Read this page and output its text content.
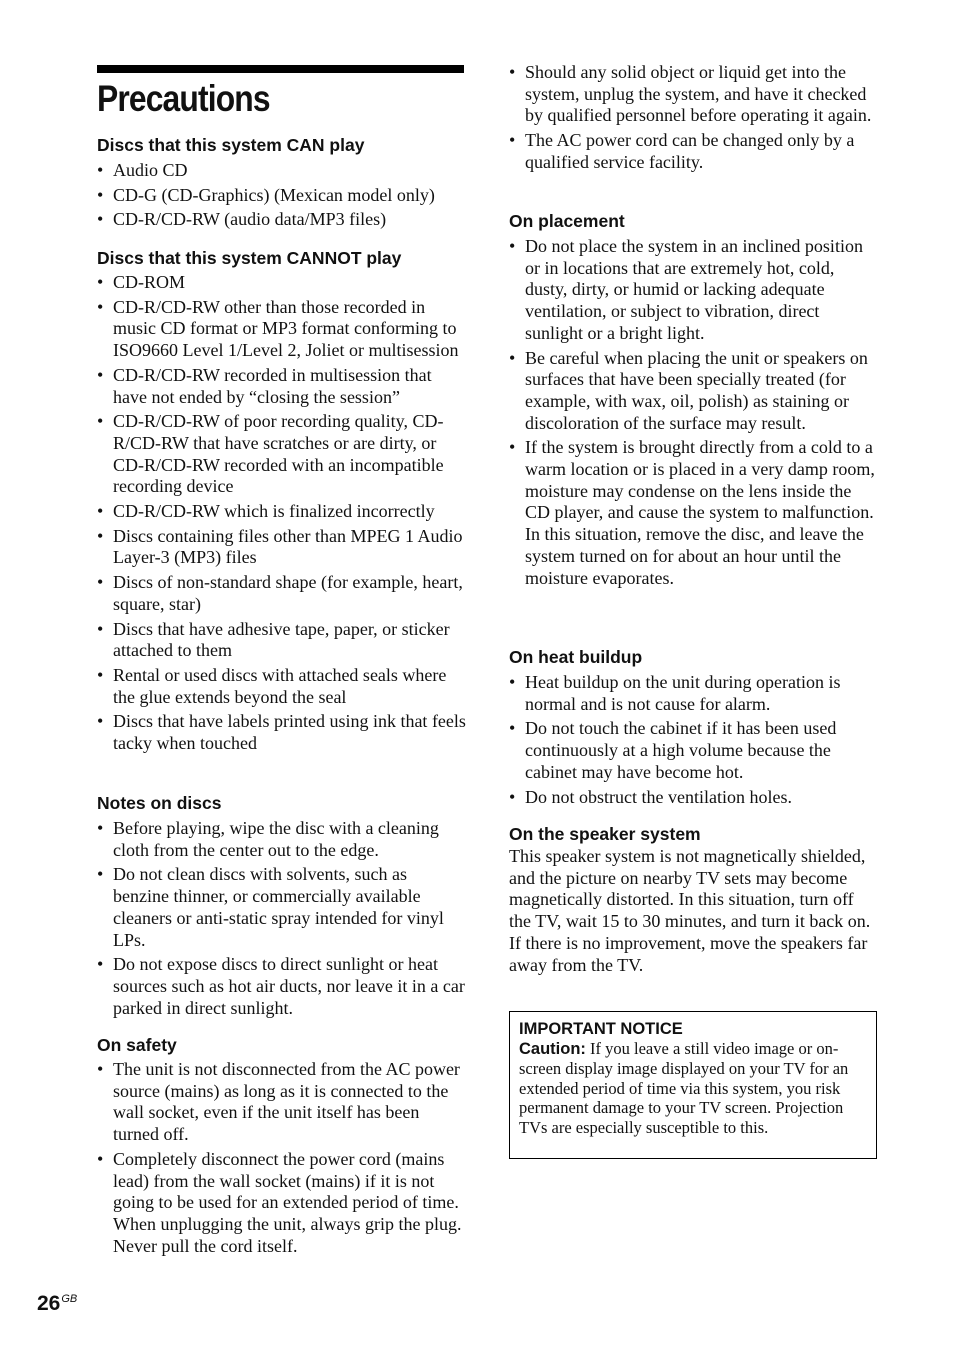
Precautions
Discs that this system CAN play
• Audio CD
• CD-G (CD-Graphics) (Mexican model only)
• CD-R/CD-RW (audio data/MP3 files)
Discs that this system CANNOT play
• CD-ROM
• CD-R/CD-RW other than those recorded in music CD format or MP3 format conforming to ISO9660 Level 1/Level 2, Joliet or multisession
• CD-R/CD-RW recorded in multisession that have not ended by “closing the session”
• CD-R/CD-RW of poor recording quality, CD-R/CD-RW that have scratches or are dirty, or CD-R/CD-RW recorded with an incompatible recording device
• CD-R/CD-RW which is finalized incorrectly
• Discs containing files other than MPEG 1 Audio Layer-3 (MP3) files
• Discs of non-standard shape (for example, heart, square, star)
• Discs that have adhesive tape, paper, or sticker attached to them
• Rental or used discs with attached seals where the glue extends beyond the seal
• Discs that have labels printed using ink that feels tacky when touched
Notes on discs
• Before playing, wipe the disc with a cleaning cloth from the center out to the edge.
• Do not clean discs with solvents, such as benzine thinner, or commercially available cleaners or anti-static spray intended for vinyl LPs.
• Do not expose discs to direct sunlight or heat sources such as hot air ducts, nor leave it in a car parked in direct sunlight.
On safety
• The unit is not disconnected from the AC power source (mains) as long as it is connected to the wall socket, even if the unit itself has been turned off.
• Completely disconnect the power cord (mains lead) from the wall socket (mains) if it is not going to be used for an extended period of time. When unplugging the unit, always grip the plug. Never pull the cord itself.
• Should any solid object or liquid get into the system, unplug the system, and have it checked by qualified personnel before operating it again.
• The AC power cord can be changed only by a qualified service facility.
On placement
• Do not place the system in an inclined position or in locations that are extremely hot, cold, dusty, dirty, or humid or lacking adequate ventilation, or subject to vibration, direct sunlight or a bright light.
• Be careful when placing the unit or speakers on surfaces that have been specially treated (for example, with wax, oil, polish) as staining or discoloration of the surface may result.
• If the system is brought directly from a cold to a warm location or is placed in a very damp room, moisture may condense on the lens inside the CD player, and cause the system to malfunction. In this situation, remove the disc, and leave the system turned on for about an hour until the moisture evaporates.
On heat buildup
• Heat buildup on the unit during operation is normal and is not cause for alarm.
• Do not touch the cabinet if it has been used continuously at a high volume because the cabinet may have become hot.
• Do not obstruct the ventilation holes.
On the speaker system

This speaker system is not magnetically shielded, and the picture on nearby TV sets may become magnetically distorted. In this situation, turn off the TV, wait 15 to 30 minutes, and turn it back on. If there is no improvement, move the speakers far away from the TV.

IMPORTANT NOTICE

Caution: If you leave a still video image or on-screen display image displayed on your TV for an extended period of time via this system, you risk permanent damage to your TV screen. Projection TVs are especially susceptible to this.

$26^{GB}$
